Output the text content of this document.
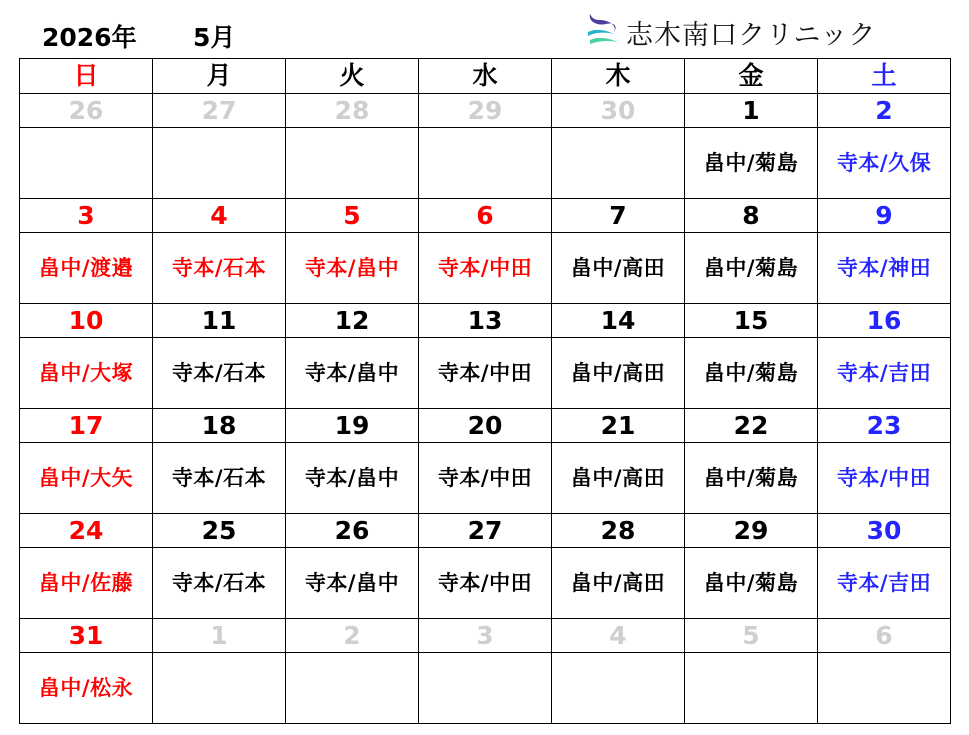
2026年 5月	志木南口クリニック
日	月	火	水	木	金	土
26	27	28	29	30	1	2
					畠中/菊島	寺本/久保
3	4	5	6	7	8	9
畠中/渡邉	寺本/石本	寺本/畠中	寺本/中田	畠中/高田	畠中/菊島	寺本/神田
10	11	12	13	14	15	16
畠中/大塚	寺本/石本	寺本/畠中	寺本/中田	畠中/高田	畠中/菊島	寺本/吉田
17	18	19	20	21	22	23
畠中/大矢	寺本/石本	寺本/畠中	寺本/中田	畠中/高田	畠中/菊島	寺本/中田
24	25	26	27	28	29	30
畠中/佐藤	寺本/石本	寺本/畠中	寺本/中田	畠中/高田	畠中/菊島	寺本/吉田
31	1	2	3	4	5	6
畠中/松永						
